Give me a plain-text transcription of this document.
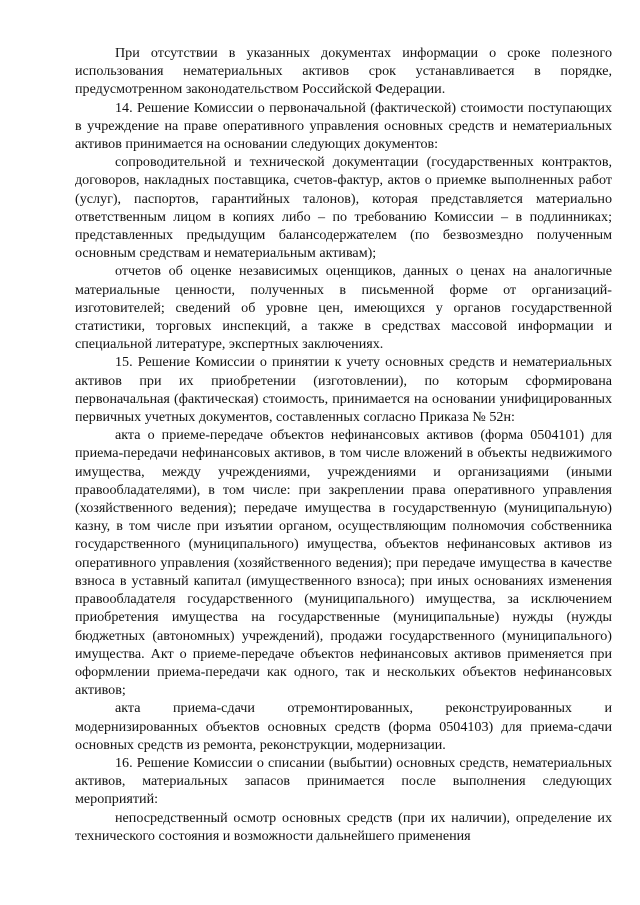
При отсутствии в указанных документах информации о сроке полезного использования нематериальных активов срок устанавливается в порядке, предусмотренном законодательством Российской Федерации.

14. Решение Комиссии о первоначальной (фактической) стоимости поступающих в учреждение на праве оперативного управления основных средств и нематериальных активов принимается на основании следующих документов:

сопроводительной и технической документации (государственных контрактов, договоров, накладных поставщика, счетов-фактур, актов о приемке выполненных работ (услуг), паспортов, гарантийных талонов), которая представляется материально ответственным лицом в копиях либо – по требованию Комиссии – в подлинниках; представленных предыдущим балансодержателем (по безвозмездно полученным основным средствам и нематериальным активам);

отчетов об оценке независимых оценщиков, данных о ценах на аналогичные материальные ценности, полученных в письменной форме от организаций-изготовителей; сведений об уровне цен, имеющихся у органов государственной статистики, торговых инспекций, а также в средствах массовой информации и специальной литературе, экспертных заключениях.

15. Решение Комиссии о принятии к учету основных средств и нематериальных активов при их приобретении (изготовлении), по которым сформирована первоначальная (фактическая) стоимость, принимается на основании унифицированных первичных учетных документов, составленных согласно Приказа № 52н:

акта о приеме-передаче объектов нефинансовых активов (форма 0504101) для приема-передачи нефинансовых активов, в том числе вложений в объекты недвижимого имущества, между учреждениями, учреждениями и организациями (иными правообладателями), в том числе: при закреплении права оперативного управления (хозяйственного ведения); передаче имущества в государственную (муниципальную) казну, в том числе при изъятии органом, осуществляющим полномочия собственника государственного (муниципального) имущества, объектов нефинансовых активов из оперативного управления (хозяйственного ведения); при передаче имущества в качестве взноса в уставный капитал (имущественного взноса); при иных основаниях изменения правообладателя государственного (муниципального) имущества, за исключением приобретения имущества на государственные (муниципальные) нужды (нужды бюджетных (автономных) учреждений), продажи государственного (муниципального) имущества. Акт о приеме-передаче объектов нефинансовых активов применяется при оформлении приема-передачи как одного, так и нескольких объектов нефинансовых активов;

акта приема-сдачи отремонтированных, реконструированных и модернизированных объектов основных средств (форма 0504103) для приема-сдачи основных средств из ремонта, реконструкции, модернизации.

16. Решение Комиссии о списании (выбытии) основных средств, нематериальных активов, материальных запасов принимается после выполнения следующих мероприятий:

непосредственный осмотр основных средств (при их наличии), определение их технического состояния и возможности дальнейшего применения
